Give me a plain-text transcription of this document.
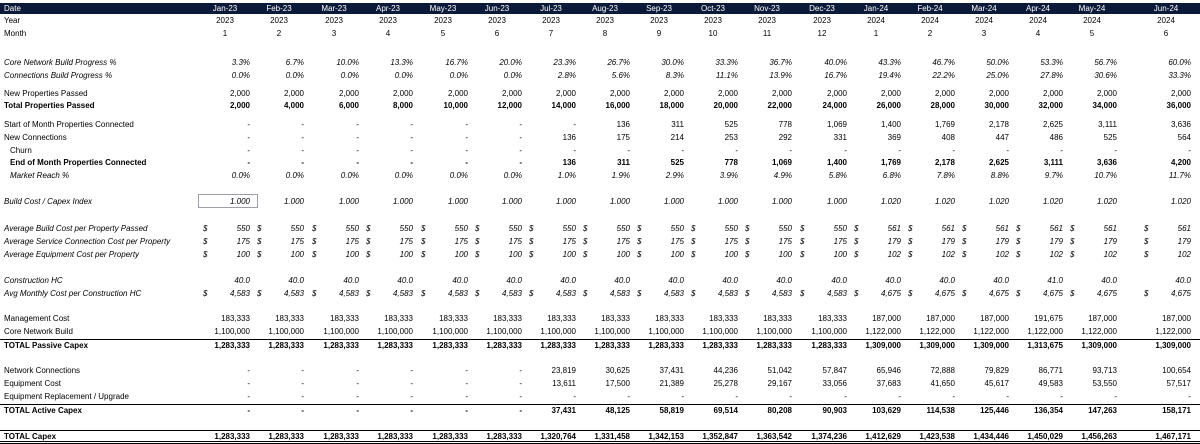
Date	Jan-23	Feb-23	Mar-23	Apr-23	May-23	Jun-23	Jul-23	Aug-23	Sep-23	Oct-23	Nov-23	Dec-23	Jan-24	Feb-24	Mar-24	Apr-24	May-24	Jun-24
Year	2023	2023	2023	2023	2023	2023	2023	2023	2023	2023	2023	2023	2024	2024	2024	2024	2024	2024
Month	1	2	3	4	5	6	7	8	9	10	11	12	1	2	3	4	5	6
Core Network Build Progress %	3.3%	6.7%	10.0%	13.3%	16.7%	20.0%	23.3%	26.7%	30.0%	33.3%	36.7%	40.0%	43.3%	46.7%	50.0%	53.3%	56.7%	60.0%
Connections Build Progress %	0.0%	0.0%	0.0%	0.0%	0.0%	0.0%	2.8%	5.6%	8.3%	11.1%	13.9%	16.7%	19.4%	22.2%	25.0%	27.8%	30.6%	33.3%
New Properties Passed	2,000	2,000	2,000	2,000	2,000	2,000	2,000	2,000	2,000	2,000	2,000	2,000	2,000	2,000	2,000	2,000	2,000	2,000
Total Properties Passed	2,000	4,000	6,000	8,000	10,000	12,000	14,000	16,000	18,000	20,000	22,000	24,000	26,000	28,000	30,000	32,000	34,000	36,000
Start of Month Properties Connected	-	-	-	-	-	-	-	136	311	525	778	1,069	1,400	1,769	2,178	2,625	3,111	3,636
New Connections	-	-	-	-	-	-	136	175	214	253	292	331	369	408	447	486	525	564
Churn	-	-	-	-	-	-	-	-	-	-	-	-	-	-	-	-	-	-
End of Month Properties Connected	-	-	-	-	-	-	136	311	525	778	1,069	1,400	1,769	2,178	2,625	3,111	3,636	4,200
Market Reach %	0.0%	0.0%	0.0%	0.0%	0.0%	0.0%	1.0%	1.9%	2.9%	3.9%	4.9%	5.8%	6.8%	7.8%	8.8%	9.7%	10.7%	11.7%
Build Cost / Capex Index	1.000	1.000	1.000	1.000	1.000	1.000	1.000	1.000	1.000	1.000	1.000	1.000	1.020	1.020	1.020	1.020	1.020	1.020
Average Build Cost per Property Passed	$	550 $	550 $	550 $	550 $	550 $	550 $	550 $	550 $	550 $	550 $	550 $	550 $	561 $	561 $	561 $	561 $	561	$	561
Average Service Connection Cost per Property	$	175 $	175 $	175 $	175 $	175 $	175 $	175 $	175 $	175 $	175 $	175 $	175 $	179 $	179 $	179 $	179 $	179	$	179
Average Equipment Cost per Property	$	100 $	100 $	100 $	100 $	100 $	100 $	100 $	100 $	100 $	100 $	100 $	100 $	102 $	102 $	102 $	102 $	102	$	102
Construction HC	40.0	40.0	40.0	40.0	40.0	40.0	40.0	40.0	40.0	40.0	40.0	40.0	40.0	40.0	40.0	41.0	40.0	40.0
Avg Monthly Cost per Construction HC	$	4,583 $	4,583 $	4,583 $	4,583 $	4,583 $	4,583 $	4,583 $	4,583 $	4,583 $	4,583 $	4,583 $	4,583 $	4,675 $	4,675 $	4,675 $	4,675 $	4,675	$	4,675
Management Cost	183,333	183,333	183,333	183,333	183,333	183,333	183,333	183,333	183,333	183,333	183,333	183,333	187,000	187,000	187,000	191,675	187,000	187,000
Core Network Build	1,100,000	1,100,000	1,100,000	1,100,000	1,100,000	1,100,000	1,100,000	1,100,000	1,100,000	1,100,000	1,100,000	1,100,000	1,122,000	1,122,000	1,122,000	1,122,000	1,122,000	1,122,000
TOTAL Passive Capex	1,283,333	1,283,333	1,283,333	1,283,333	1,283,333	1,283,333	1,283,333	1,283,333	1,283,333	1,283,333	1,283,333	1,283,333	1,309,000	1,309,000	1,309,000	1,313,675	1,309,000	1,309,000
Network Connections	-	-	-	-	-	-	23,819	30,625	37,431	44,236	51,042	57,847	65,946	72,888	79,829	86,771	93,713	100,654
Equipment Cost	-	-	-	-	-	-	13,611	17,500	21,389	25,278	29,167	33,056	37,683	41,650	45,617	49,583	53,550	57,517
Equipment Replacement / Upgrade	-	-	-	-	-	-	-	-	-	-	-	-	-	-	-	-	-	-
TOTAL Active Capex	-	-	-	-	-	-	37,431	48,125	58,819	69,514	80,208	90,903	103,629	114,538	125,446	136,354	147,263	158,171
TOTAL Capex	1,283,333	1,283,333	1,283,333	1,283,333	1,283,333	1,283,333	1,320,764	1,331,458	1,342,153	1,352,847	1,363,542	1,374,236	1,412,629	1,423,538	1,434,446	1,450,029	1,456,263	1,467,171
